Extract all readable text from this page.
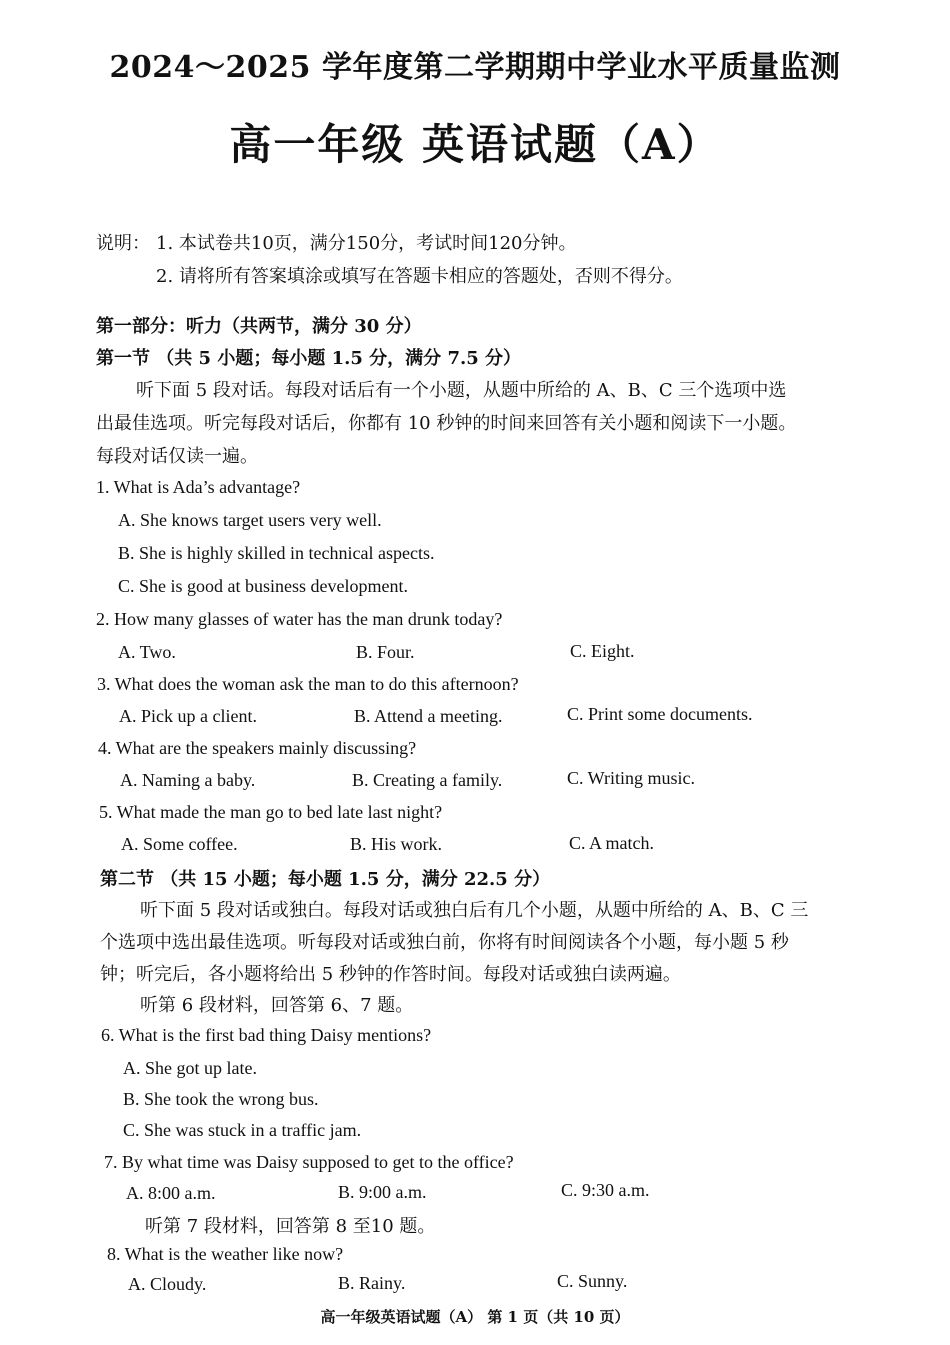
2024～2025 学年度第二学期期中学业水平质量监测
高一年级 英语试题（A）
说明： 1. 本试卷共10页，满分150分，考试时间120分钟。
2. 请将所有答案填涂或填写在答题卡相应的答题处，否则不得分。
第一部分：听力（共两节，满分 30 分）
第一节 （共 5 小题；每小题 1.5 分，满分 7.5 分）
听下面 5 段对话。每段对话后有一个小题，从题中所给的 A、B、C 三个选项中选
出最佳选项。听完每段对话后，你都有 10 秒钟的时间来回答有关小题和阅读下一小题。
每段对话仅读一遍。
1. What is Ada’s advantage?
A. She knows target users very well.
B. She is highly skilled in technical aspects.
C. She is good at business development.
2. How many glasses of water has the man drunk today?
A. Two.	B. Four.	C. Eight.
3. What does the woman ask the man to do this afternoon?
A. Pick up a client.	B. Attend a meeting.	C. Print some documents.
4. What are the speakers mainly discussing?
A. Naming a baby.	B. Creating a family.	C. Writing music.
5. What made the man go to bed late last night?
A. Some coffee.	B. His work.	C. A match.
第二节 （共 15 小题；每小题 1.5 分，满分 22.5 分）
听下面 5 段对话或独白。每段对话或独白后有几个小题，从题中所给的 A、B、C 三
个选项中选出最佳选项。听每段对话或独白前，你将有时间阅读各个小题，每小题 5 秒
钟；听完后，各小题将给出 5 秒钟的作答时间。每段对话或独白读两遍。
听第 6 段材料，回答第 6、7 题。
6. What is the first bad thing Daisy mentions?
A. She got up late.
B. She took the wrong bus.
C. She was stuck in a traffic jam.
7. By what time was Daisy supposed to get to the office?
A. 8:00 a.m.	B. 9:00 a.m.	C. 9:30 a.m.
听第 7 段材料，回答第 8 至10 题。
8. What is the weather like now?
A. Cloudy.	B. Rainy.	C. Sunny.
高一年级英语试题（A） 第 1 页（共 10 页）
